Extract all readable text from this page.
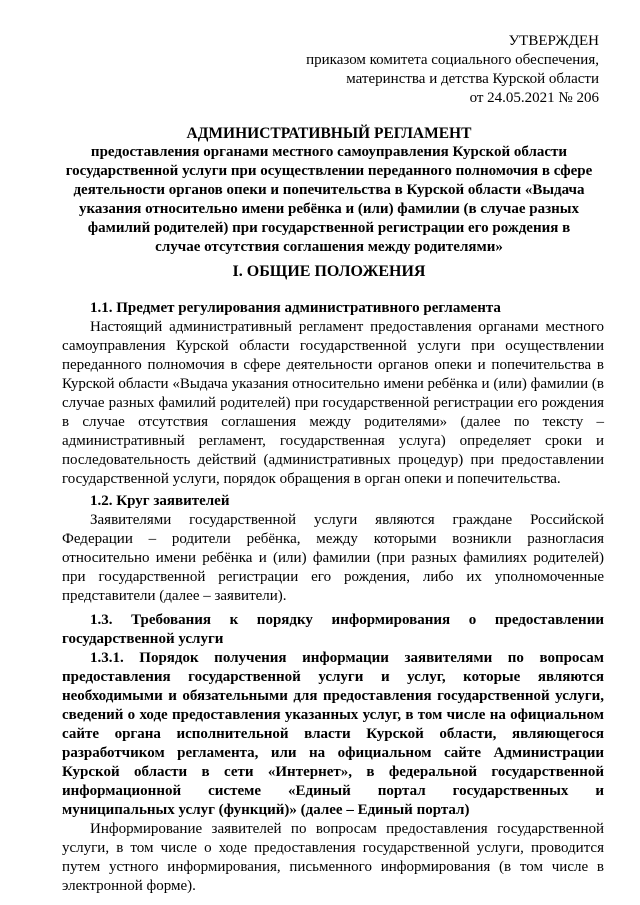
УТВЕРЖДЕН
приказом комитета социального обеспечения,
материнства и детства Курской области
от 24.05.2021 № 206
АДМИНИСТРАТИВНЫЙ РЕГЛАМЕНТ
предоставления органами местного самоуправления Курской области государственной услуги при осуществлении переданного полномочия в сфере деятельности органов опеки и попечительства в Курской области «Выдача указания относительно имени ребёнка и (или) фамилии (в случае разных фамилий родителей) при государственной регистрации его рождения в случае отсутствия соглашения между родителями»
I. ОБЩИЕ ПОЛОЖЕНИЯ
1.1. Предмет регулирования административного регламента

Настоящий административный регламент предоставления органами местного самоуправления Курской области государственной услуги при осуществлении переданного полномочия в сфере деятельности органов опеки и попечительства в Курской области «Выдача указания относительно имени ребёнка и (или) фамилии (в случае разных фамилий родителей) при государственной регистрации его рождения в случае отсутствия соглашения между родителями» (далее по тексту – административный регламент, государственная услуга) определяет сроки и последовательность действий (административных процедур) при предоставлении государственной услуги, порядок обращения в орган опеки и попечительства.

1.2. Круг заявителей

Заявителями государственной услуги являются граждане Российской Федерации – родители ребёнка, между которыми возникли разногласия относительно имени ребёнка и (или) фамилии (при разных фамилиях родителей) при государственной регистрации его рождения, либо их уполномоченные представители (далее – заявители).

1.3. Требования к порядку информирования о предоставлении государственной услуги

1.3.1. Порядок получения информации заявителями по вопросам предоставления государственной услуги и услуг, которые являются необходимыми и обязательными для предоставления государственной услуги, сведений о ходе предоставления указанных услуг, в том числе на официальном сайте органа исполнительной власти Курской области, являющегося разработчиком регламента, или на официальном сайте Администрации Курской области в сети «Интернет», в федеральной государственной информационной системе «Единый портал государственных и муниципальных услуг (функций)» (далее – Единый портал)

Информирование заявителей по вопросам предоставления государственной услуги, в том числе о ходе предоставления государственной услуги, проводится путем устного информирования, письменного информирования (в том числе в электронной форме).
